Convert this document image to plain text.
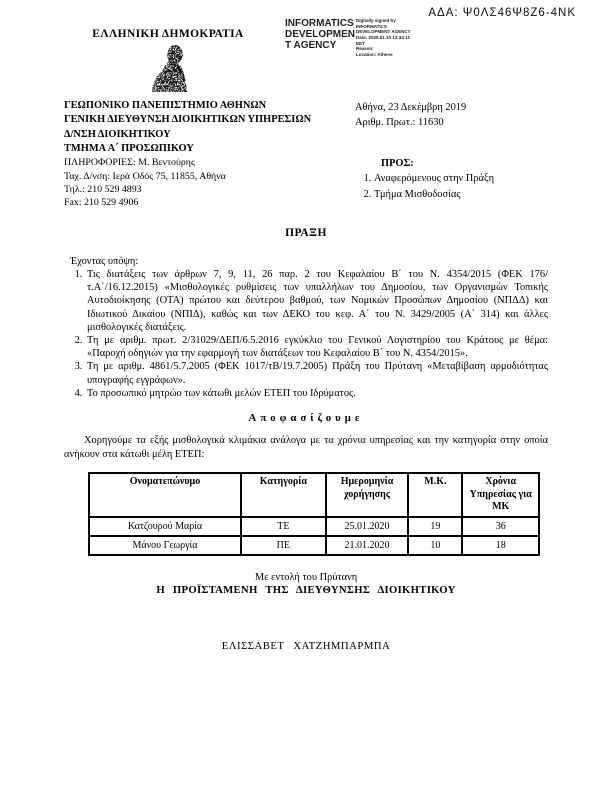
ΑΔΑ: Ψ0ΛΣ46Ψ8Ζ6-4ΝΚ
ΕΛΛΗΝΙΚΗ ΔΗΜΟΚΡΑΤΙΑ
INFORMATICS
DEVELOPMEN
T AGENCY
Digitally signed by
INFORMATICS
DEVELOPMENT AGENCY
Date: 2020.01.10 12:34:11
EET
Reason:
Location: Athens
ΓΕΩΠΟΝΙΚΟ ΠΑΝΕΠΙΣΤΗΜΙΟ ΑΘΗΝΩΝ
ΓΕΝΙΚΗ ΔΙΕΥΘΥΝΣΗ ΔΙΟΙΚΗΤΙΚΩΝ ΥΠΗΡΕΣΙΩΝ
Δ/ΝΣΗ ΔΙΟΙΚΗΤΙΚΟΥ
ΤΜΗΜΑ Α΄ ΠΡΟΣΩΠΙΚΟΥ
ΠΛΗΡΟΦΟΡΙΕΣ: Μ. Βεντούρης
Ταχ. Δ/νση: Ιερά Οδός 75, 11855, Αθήνα
Τηλ.: 210 529 4893
Fax: 210 529 4906
Αθήνα, 23 Δεκέμβρη 2019
Αριθμ. Πρωτ.: 11630
ΠΡΟΣ:
1. Αναφερόμενους στην Πράξη
2. Τμήμα Μισθοδοσίας
ΠΡΑΞΗ
Έχοντας υπόψη:
1. Τις διατάξεις των άρθρων 7, 9, 11, 26 παρ. 2 του Κεφαλαίου Β΄ του Ν. 4354/2015 (ΦΕΚ 176/τ.Α΄/16.12.2015) «Μισθολογικές ρυθμίσεις των υπαλλήλων του Δημοσίου, των Οργανισμών Τοπικής Αυτοδιοίκησης (ΟΤΑ) πρώτου και δεύτερου βαθμού, των Νομικών Προσώπων Δημοσίου (ΝΠΔΔ) και Ιδιωτικού Δικαίου (ΝΠΙΔ), καθώς και των ΔΕΚΟ του κεφ. Α΄ του Ν. 3429/2005 (Α΄ 314) και άλλες μισθολογικές διατάξεις.
2. Τη με αριθμ. πρωτ. 2/31029/ΔΕΠ/6.5.2016 εγκύκλιο του Γενικού Λογιστηρίου του Κράτους με θέμα: «Παροχή οδηγιών για την εφαρμογή των διατάξεων του Κεφαλαίου Β΄ του Ν. 4354/2015».
3. Τη με αριθμ. 4861/5.7.2005 (ΦΕΚ 1017/τΒ/19.7.2005) Πράξη του Πρύτανη «Μεταβίβαση αρμοδιότητας υπογραφής εγγράφων».
4. Το προσωπικό μητρώο των κάτωθι μελών ΕΤΕΠ του Ιδρύματος.
Αποφασίζουμε

Χορηγούμε τα εξής μισθολογικά κλιμάκια ανάλογα με τα χρόνια υπηρεσίας και την κατηγορία στην οποία ανήκουν στα κάτωθι μέλη ΕΤΕΠ:

Ονοματεπώνυμο	Κατηγορία	Ημερομηνία χορήγησης	Μ.Κ.	Χρόνια Υπηρεσίας για ΜΚ
Κατζουρού Μαρία	ΤΕ	25.01.2020	19	36
Μάνου Γεωργία	ΠΕ	21.01.2020	10	18
Με εντολή του Πρύτανη
Η ΠΡΟΪΣΤΑΜΕΝΗ ΤΗΣ ΔΙΕΥΘΥΝΣΗΣ ΔΙΟΙΚΗΤΙΚΟΥ
ΕΛΙΣΣΑΒΕΤ ΧΑΤΖΗΜΠΑΡΜΠΑ
